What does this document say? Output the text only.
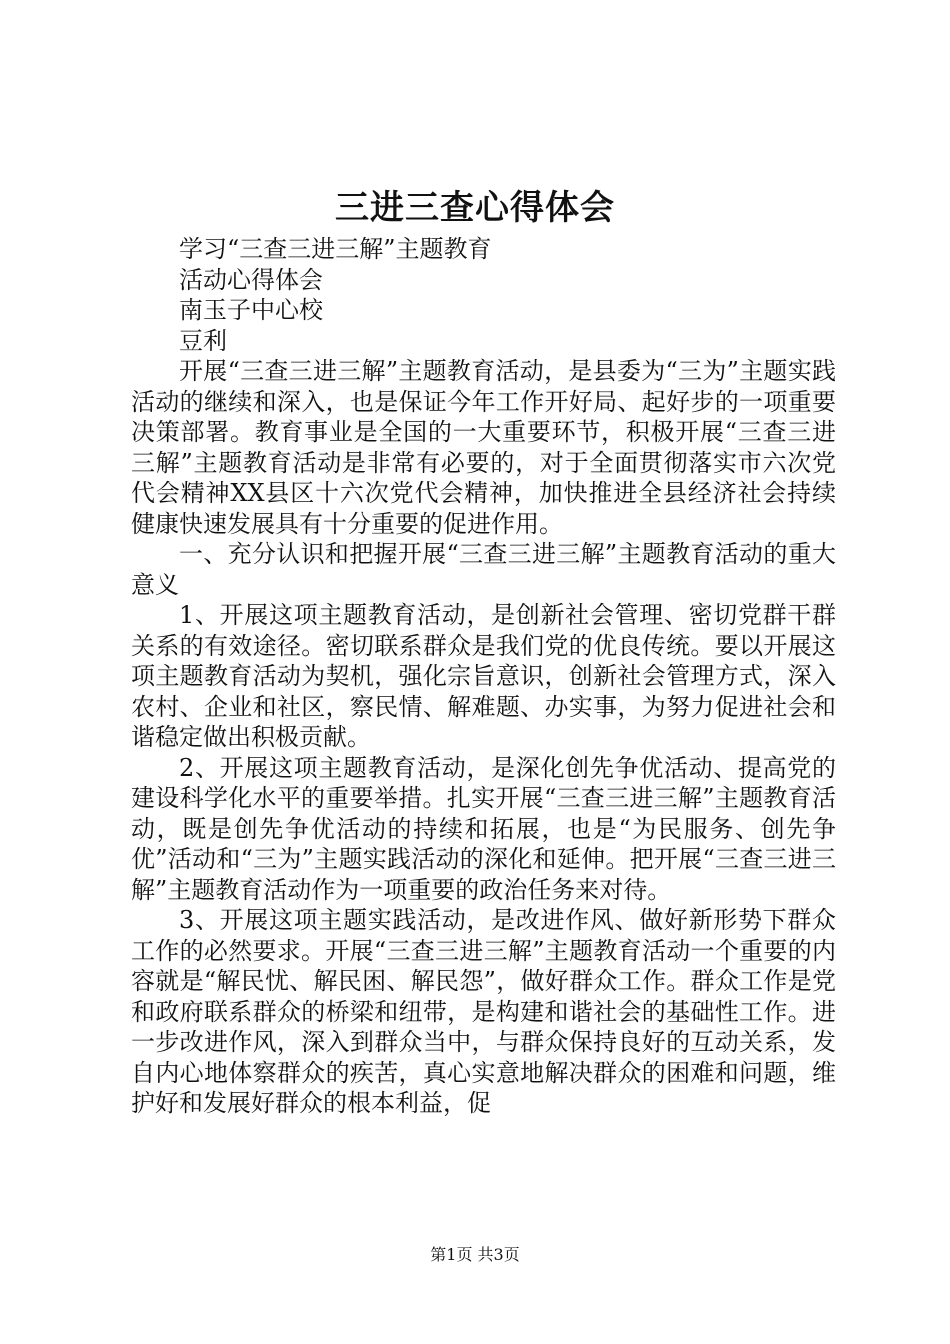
三进三查心得体会

学习“三查三进三解”主题教育

活动心得体会

南玉子中心校

豆利

开展“三查三进三解”主题教育活动，是县委为“三为”主题实践活动的继续和深入，也是保证今年工作开好局、起好步的一项重要决策部署。教育事业是全国的一大重要环节，积极开展“三查三进三解”主题教育活动是非常有必要的，对于全面贯彻落实市六次党代会精神XX县区十六次党代会精神，加快推进全县经济社会持续健康快速发展具有十分重要的促进作用。

一、充分认识和把握开展“三查三进三解”主题教育活动的重大意义

1、开展这项主题教育活动，是创新社会管理、密切党群干群关系的有效途径。密切联系群众是我们党的优良传统。要以开展这项主题教育活动为契机，强化宗旨意识，创新社会管理方式，深入农村、企业和社区，察民情、解难题、办实事，为努力促进社会和谐稳定做出积极贡献。

2、开展这项主题教育活动，是深化创先争优活动、提高党的建设科学化水平的重要举措。扎实开展“三查三进三解”主题教育活动，既是创先争优活动的持续和拓展，也是“为民服务、创先争优”活动和“三为”主题实践活动的深化和延伸。把开展“三查三进三解”主题教育活动作为一项重要的政治任务来对待。

3、开展这项主题实践活动，是改进作风、做好新形势下群众工作的必然要求。开展“三查三进三解”主题教育活动一个重要的内容就是“解民忧、解民困、解民怨”，做好群众工作。群众工作是党和政府联系群众的桥梁和纽带，是构建和谐社会的基础性工作。进一步改进作风，深入到群众当中，与群众保持良好的互动关系，发自内心地体察群众的疾苦，真心实意地解决群众的困难和问题，维护好和发展好群众的根本利益，促

第1页 共3页
